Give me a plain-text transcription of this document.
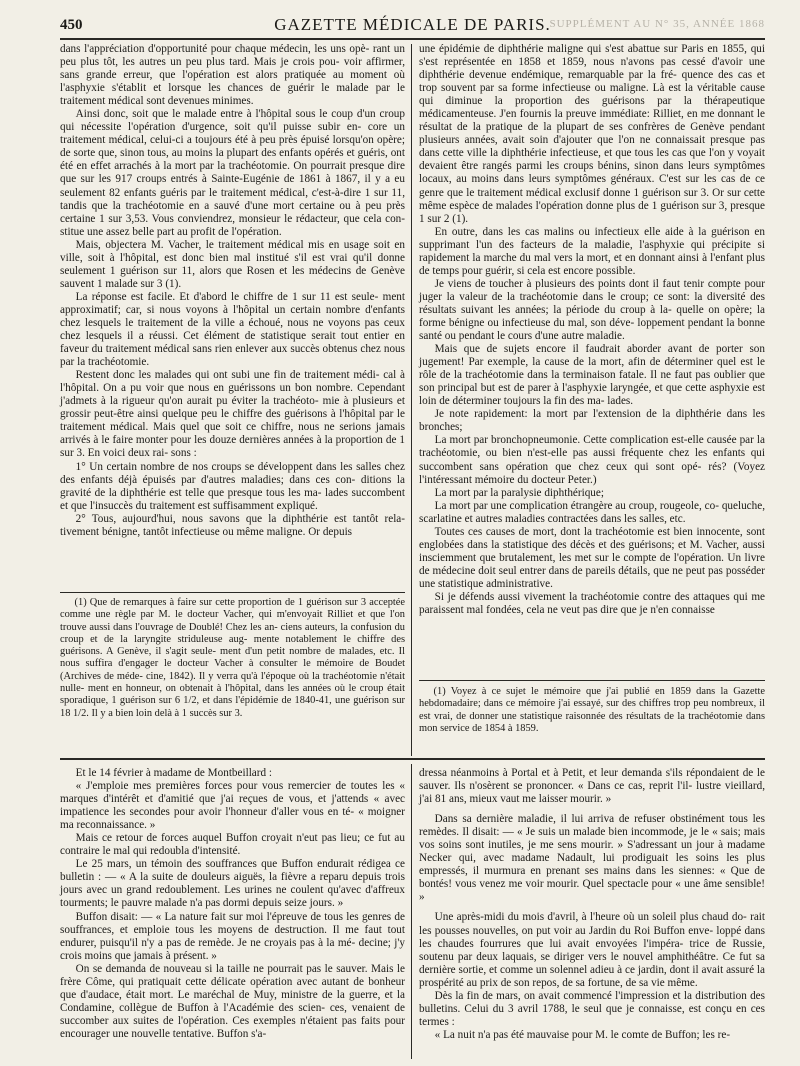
450	GAZETTE MÉDICALE DE PARIS.
SUPPLÉMENT AU N° 35, ANNÉE 1868

dans l'appréciation d'opportunité pour chaque médecin, les uns opè- rant un peu plus tôt, les autres un peu plus tard. Mais je crois pou- voir affirmer, sans grande erreur, que l'opération est alors pratiquée au moment où l'asphyxie s'établit et lorsque les chances de guérir le malade par le traitement médical sont devenues minimes.

Ainsi donc, soit que le malade entre à l'hôpital sous le coup d'un croup qui nécessite l'opération d'urgence, soit qu'il puisse subir en- core un traitement médical, celui-ci a toujours été à peu près épuisé lorsqu'on opère; de sorte que, sinon tous, au moins la plupart des enfants opérés et guéris, ont été en effet arrachés à la mort par la trachéotomie. On pourrait presque dire que sur les 917 croups entrés à Sainte-Eugénie de 1861 à 1867, il y a eu seulement 82 enfants guéris par le traitement médical, c'est-à-dire 1 sur 11, tandis que la trachéotomie en a sauvé d'une mort certaine ou à peu près certaine 1 sur 3,53. Vous conviendrez, monsieur le rédacteur, que cela con- stitue une assez belle part au profit de l'opération.

Mais, objectera M. Vacher, le traitement médical mis en usage soit en ville, soit à l'hôpital, est donc bien mal institué s'il est vrai qu'il donne seulement 1 guérison sur 11, alors que Rosen et les médecins de Genève sauvent 1 malade sur 3 (1).

La réponse est facile. Et d'abord le chiffre de 1 sur 11 est seule- ment approximatif; car, si nous voyons à l'hôpital un certain nombre d'enfants chez lesquels le traitement de la ville a échoué, nous ne voyons pas ceux chez lesquels il a réussi. Cet élément de statistique serait tout entier en faveur du traitement médical sans rien enlever aux succès obtenus chez nous par la trachéotomie.

Restent donc les malades qui ont subi une fin de traitement médi- cal à l'hôpital. On a pu voir que nous en guérissons un bon nombre. Cependant j'admets à la rigueur qu'on aurait pu éviter la trachéoto- mie à plusieurs et grossir peut-être ainsi quelque peu le chiffre des guérisons à l'hôpital par le traitement médical. Mais quel que soit ce chiffre, nous ne serions jamais arrivés à le faire monter pour les douze dernières années à la proportion de 1 sur 3. En voici deux rai- sons :

1° Un certain nombre de nos croups se développent dans les salles chez des enfants déjà épuisés par d'autres maladies; dans ces con- ditions la gravité de la diphthérie est telle que presque tous les ma- lades succombent et que l'insuccès du traitement est suffisamment expliqué.

2° Tous, aujourd'hui, nous savons que la diphthérie est tantôt rela- tivement bénigne, tantôt infectieuse ou même maligne. Or depuis

(1) Que de remarques à faire sur cette proportion de 1 guérison sur 3 acceptée comme une règle par M. le docteur Vacher, qui m'envoyait Rilliet et que l'on trouve aussi dans l'ouvrage de Doublé! Chez les an- ciens auteurs, la confusion du croup et de la laryngite striduleuse aug- mente notablement le chiffre des guérisons. A Genève, il s'agit seule- ment d'un petit nombre de malades, etc. Il nous suffira d'engager le docteur Vacher à consulter le mémoire de Boudet (Archives de méde- cine, 1842). Il y verra qu'à l'époque où la trachéotomie n'était nulle- ment en honneur, on obtenait à l'hôpital, dans les années où le croup était sporadique, 1 guérison sur 6 1/2, et dans l'épidémie de 1840-41, une guérison sur 18 1/2. Il y a bien loin delà à 1 succès sur 3.

une épidémie de diphthérie maligne qui s'est abattue sur Paris en 1855, qui s'est représentée en 1858 et 1859, nous n'avons pas cessé d'avoir une diphthérie devenue endémique, remarquable par la fré- quence des cas et trop souvent par sa forme infectieuse ou maligne. Là est la véritable cause qui diminue la proportion des guérisons par la thérapeutique médicamenteuse. J'en fournis la preuve immédiate: Rilliet, en me donnant le résultat de la pratique de la plupart de ses confrères de Genève pendant plusieurs années, avait soin d'ajouter que l'on ne connaissait presque pas dans cette ville la diphthérie infectieuse, et que tous les cas que l'on y voyait devaient être rangés parmi les croups bénins, sinon dans leurs symptômes locaux, au moins dans leurs symptômes généraux. C'est sur les cas de ce genre que le traitement médical exclusif donne 1 guérison sur 3. Or sur cette même espèce de malades l'opération donne plus de 1 guérison sur 3, presque 1 sur 2 (1).

En outre, dans les cas malins ou infectieux elle aide à la guérison en supprimant l'un des facteurs de la maladie, l'asphyxie qui précipite si rapidement la marche du mal vers la mort, et en donnant ainsi à l'enfant plus de temps pour guérir, si cela est encore possible.

Je viens de toucher à plusieurs des points dont il faut tenir compte pour juger la valeur de la trachéotomie dans le croup; ce sont: la diversité des résultats suivant les années; la période du croup à la- quelle on opère; la forme bénigne ou infectieuse du mal, son déve- loppement pendant la bonne santé ou pendant le cours d'une autre maladie.

Mais que de sujets encore il faudrait aborder avant de porter son jugement! Par exemple, la cause de la mort, afin de déterminer quel est le rôle de la trachéotomie dans la terminaison fatale. Il ne faut pas oublier que son principal but est de parer à l'asphyxie laryngée, et que cette asphyxie est loin de déterminer toujours la fin des ma- lades.

Je note rapidement: la mort par l'extension de la diphthérie dans les bronches;

La mort par bronchopneumonie. Cette complication est-elle causée par la trachéotomie, ou bien n'est-elle pas aussi fréquente chez les enfants qui succombent sans opération que chez ceux qui sont opé- rés? (Voyez l'intéressant mémoire du docteur Peter.)

La mort par la paralysie diphthérique;

La mort par une complication étrangère au croup, rougeole, co- queluche, scarlatine et autres maladies contractées dans les salles, etc.

Toutes ces causes de mort, dont la trachéotomie est bien innocente, sont englobées dans la statistique des décès et des guérisons; et M. Vacher, aussi insciemment que brutalement, les met sur le compte de l'opération. Un livre de médecine doit seul entrer dans de pareils détails, que ne peut pas posséder une statistique administrative.

Si je défends aussi vivement la trachéotomie contre des attaques qui me paraissent mal fondées, cela ne veut pas dire que je n'en connaisse

(1) Voyez à ce sujet le mémoire que j'ai publié en 1859 dans la Gazette hebdomadaire; dans ce mémoire j'ai essayé, sur des chiffres trop peu nombreux, il est vrai, de donner une statistique raisonnée des résultats de la trachéotomie dans mon service de 1854 à 1859.

Et le 14 février à madame de Montbeillard :

« J'emploie mes premières forces pour vous remercier de toutes les « marques d'intérêt et d'amitié que j'ai reçues de vous, et j'attends « avec impatience les secondes pour avoir l'honneur d'aller vous en té- « moigner ma reconnaissance. »

Mais ce retour de forces auquel Buffon croyait n'eut pas lieu; ce fut au contraire le mal qui redoubla d'intensité.

Le 25 mars, un témoin des souffrances que Buffon endurait rédigea ce bulletin : — « A la suite de douleurs aiguës, la fièvre a reparu depuis trois jours avec un grand redoublement. Les urines ne coulent qu'avec d'affreux tourments; le pauvre malade n'a pas dormi depuis seize jours. »

Buffon disait: — « La nature fait sur moi l'épreuve de tous les genres de souffrances, et emploie tous les moyens de destruction. Il me faut tout endurer, puisqu'il n'y a pas de remède. Je ne croyais pas à la mé- decine; j'y crois moins que jamais à présent. »

On se demanda de nouveau si la taille ne pourrait pas le sauver. Mais le frère Côme, qui pratiquait cette délicate opération avec autant de bonheur que d'audace, était mort. Le maréchal de Muy, ministre de la guerre, et la Condamine, collègue de Buffon à l'Académie des scien- ces, venaient de succomber aux suites de l'opération. Ces exemples n'étaient pas faits pour encourager une nouvelle tentative. Buffon s'a-

dressa néanmoins à Portal et à Petit, et leur demanda s'ils répondaient de le sauver. Ils n'osèrent se prononcer. « Dans ce cas, reprit l'il- lustre vieillard, j'ai 81 ans, mieux vaut me laisser mourir. »

Dans sa dernière maladie, il lui arriva de refuser obstinément tous les remèdes. Il disait: — « Je suis un malade bien incommode, je le « sais; mais vos soins sont inutiles, je me sens mourir. » S'adressant un jour à madame Necker qui, avec madame Nadault, lui prodiguait les soins les plus empressés, il murmura en prenant ses mains dans les siennes: « Que de bontés! vous venez me voir mourir. Quel spectacle pour « une âme sensible! »

Une après-midi du mois d'avril, à l'heure où un soleil plus chaud do- rait les pousses nouvelles, on put voir au Jardin du Roi Buffon enve- loppé dans les chaudes fourrures que lui avait envoyées l'impéra- trice de Russie, soutenu par deux laquais, se diriger vers le nouvel amphithéâtre. Ce fut sa dernière sortie, et comme un solennel adieu à ce jardin, dont il avait assuré la prospérité au prix de son repos, de sa fortune, de sa vie même.

Dès la fin de mars, on avait commencé l'impression et la distribution des bulletins. Celui du 3 avril 1788, le seul que je connaisse, est conçu en ces termes :

« La nuit n'a pas été mauvaise pour M. le comte de Buffon; les re-
